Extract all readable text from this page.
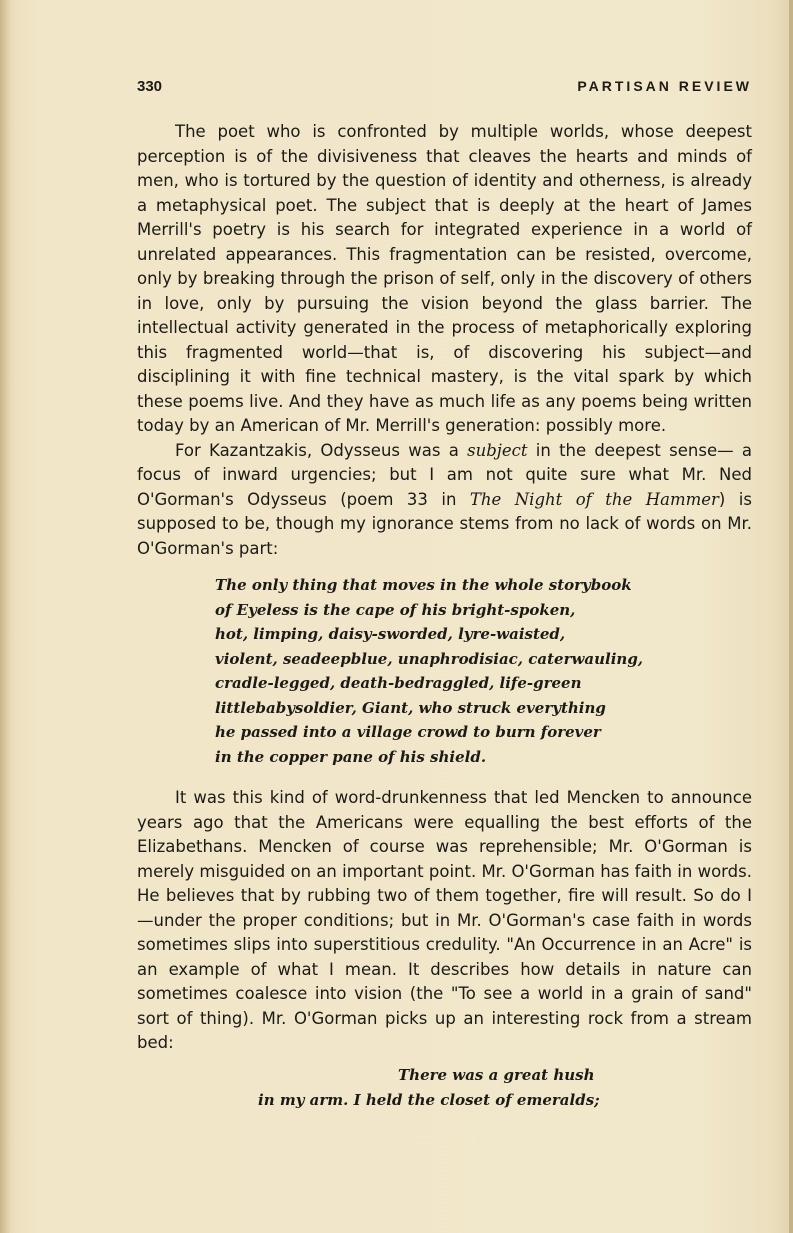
330	PARTISAN REVIEW

The poet who is confronted by multiple worlds, whose deepest perception is of the divisiveness that cleaves the hearts and minds of men, who is tortured by the question of identity and otherness, is already a metaphysical poet. The subject that is deeply at the heart of James Merrill's poetry is his search for integrated experience in a world of unrelated appearances. This fragmentation can be resisted, overcome, only by breaking through the prison of self, only in the discovery of others in love, only by pursuing the vision beyond the glass barrier. The intellectual activity generated in the process of metaphorically exploring this fragmented world—that is, of discovering his subject—and disciplining it with fine technical mastery, is the vital spark by which these poems live. And they have as much life as any poems being written today by an American of Mr. Merrill's generation: possibly more.

For Kazantzakis, Odysseus was a subject in the deepest sense— a focus of inward urgencies; but I am not quite sure what Mr. Ned O'Gorman's Odysseus (poem 33 in The Night of the Hammer) is supposed to be, though my ignorance stems from no lack of words on Mr. O'Gorman's part:

The only thing that moves in the whole storybook
of Eyeless is the cape of his bright-spoken,
hot, limping, daisy-sworded, lyre-waisted,
violent, seadeepblue, unaphrodisiac, caterwauling,
cradle-legged, death-bedraggled, life-green
littlebabysoldier, Giant, who struck everything
he passed into a village crowd to burn forever
in the copper pane of his shield.

It was this kind of word-drunkenness that led Mencken to announce years ago that the Americans were equalling the best efforts of the Elizabethans. Mencken of course was reprehensible; Mr. O'Gorman is merely misguided on an important point. Mr. O'Gorman has faith in words. He believes that by rubbing two of them together, fire will result. So do I—under the proper conditions; but in Mr. O'Gorman's case faith in words sometimes slips into superstitious credulity. "An Occurrence in an Acre" is an example of what I mean. It describes how details in nature can sometimes coalesce into vision (the "To see a world in a grain of sand" sort of thing). Mr. O'Gorman picks up an interesting rock from a stream bed:

There was a great hush
in my arm. I held the closet of emeralds;
